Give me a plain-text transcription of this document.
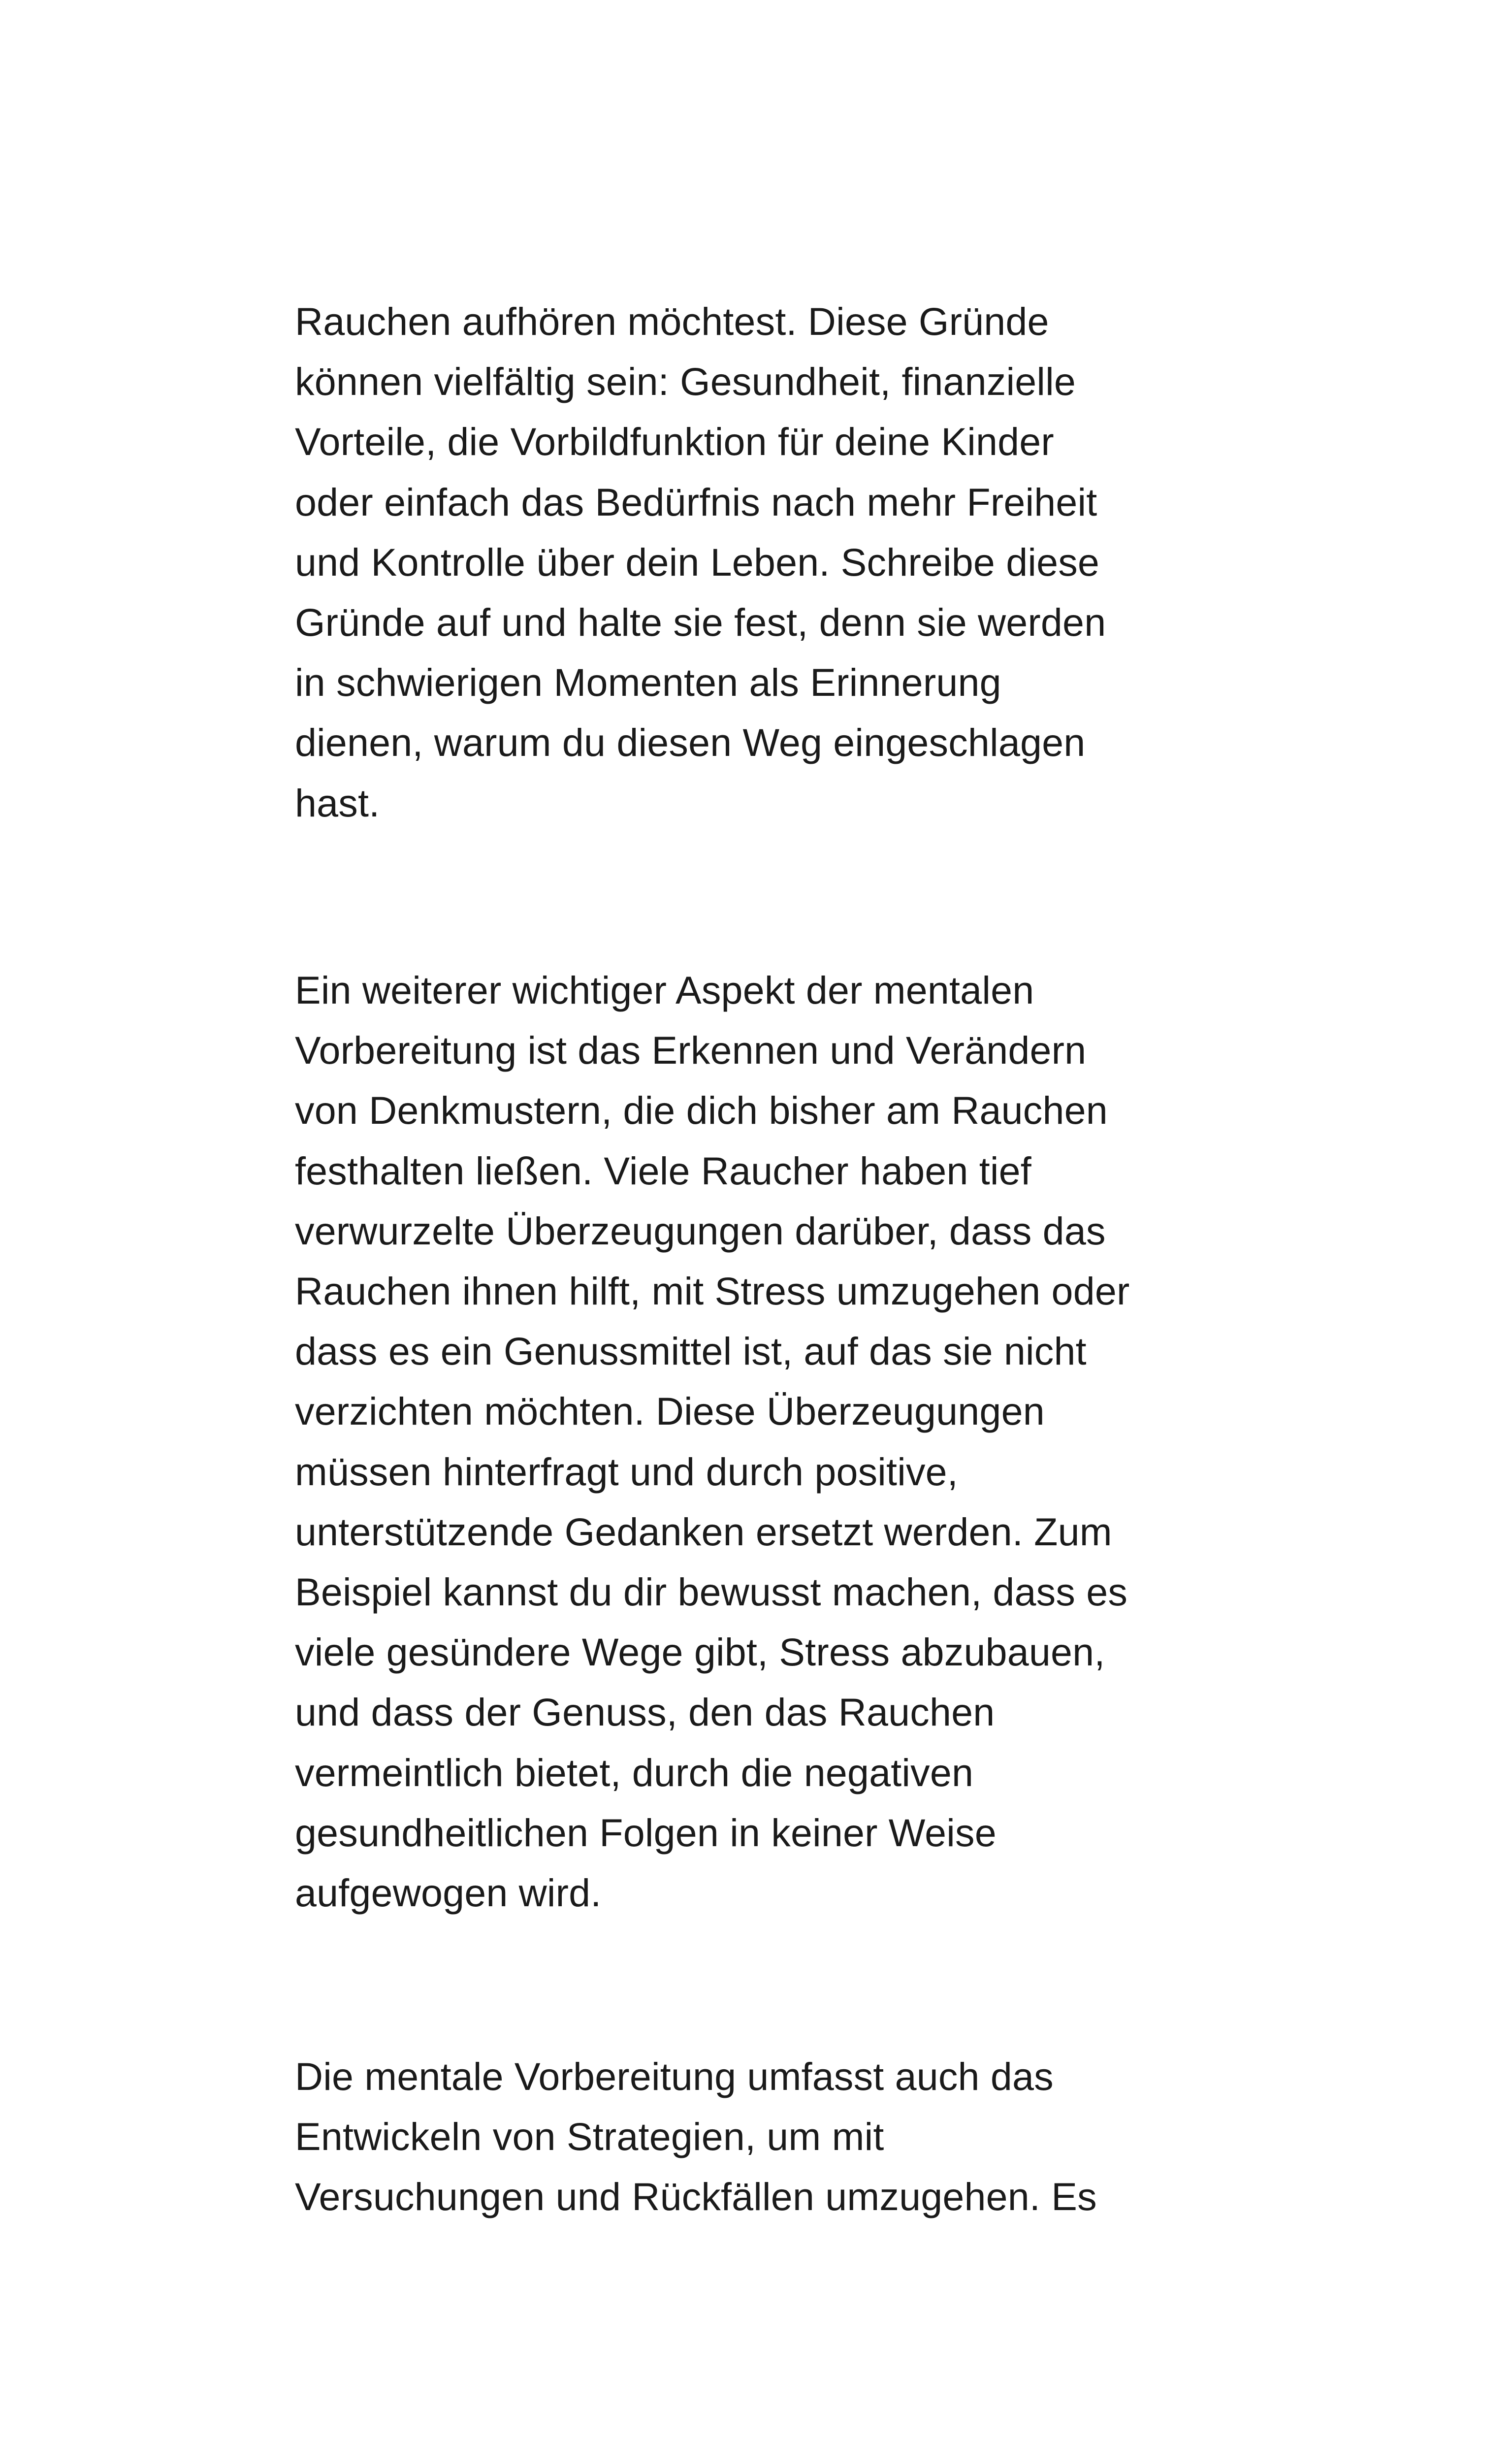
Rauchen aufhören möchtest. Diese Gründe
können vielfältig sein: Gesundheit, finanzielle
Vorteile, die Vorbildfunktion für deine Kinder
oder einfach das Bedürfnis nach mehr Freiheit
und Kontrolle über dein Leben. Schreibe diese
Gründe auf und halte sie fest, denn sie werden
in schwierigen Momenten als Erinnerung
dienen, warum du diesen Weg eingeschlagen
hast.

Ein weiterer wichtiger Aspekt der mentalen
Vorbereitung ist das Erkennen und Verändern
von Denkmustern, die dich bisher am Rauchen
festhalten ließen. Viele Raucher haben tief
verwurzelte Überzeugungen darüber, dass das
Rauchen ihnen hilft, mit Stress umzugehen oder
dass es ein Genussmittel ist, auf das sie nicht
verzichten möchten. Diese Überzeugungen
müssen hinterfragt und durch positive,
unterstützende Gedanken ersetzt werden. Zum
Beispiel kannst du dir bewusst machen, dass es
viele gesündere Wege gibt, Stress abzubauen,
und dass der Genuss, den das Rauchen
vermeintlich bietet, durch die negativen
gesundheitlichen Folgen in keiner Weise
aufgewogen wird.

Die mentale Vorbereitung umfasst auch das
Entwickeln von Strategien, um mit
Versuchungen und Rückfällen umzugehen. Es
